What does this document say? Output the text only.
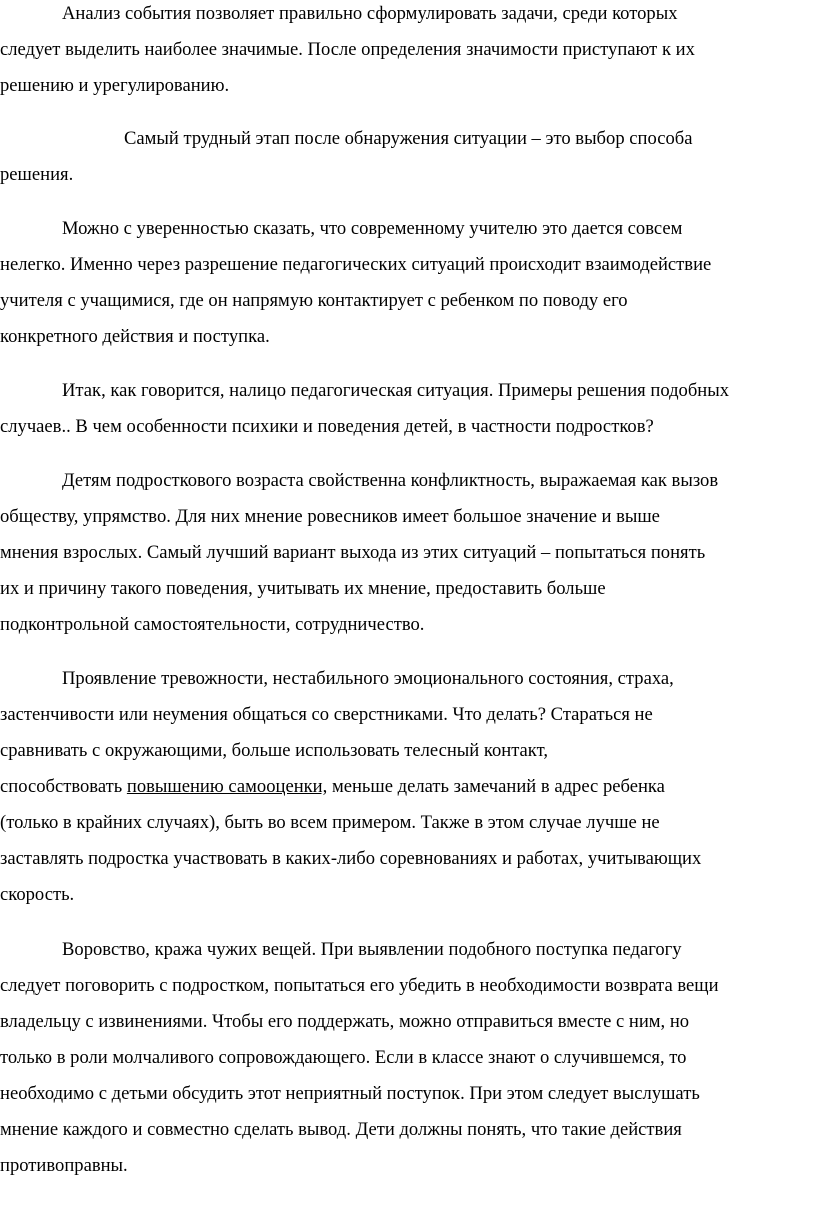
Анализ события позволяет правильно сформулировать задачи, среди которых
следует выделить наиболее значимые. После определения значимости приступают к их
решению и урегулированию.
Самый трудный этап после обнаружения ситуации – это выбор способа
решения.
Можно с уверенностью сказать, что современному учителю это дается совсем
нелегко. Именно через разрешение педагогических ситуаций происходит взаимодействие
учителя с учащимися, где он напрямую контактирует с ребенком по поводу его
конкретного действия и поступка.
Итак, как говорится, налицо педагогическая ситуация. Примеры решения подобных
случаев.. В чем особенности психики и поведения детей, в частности подростков?
Детям подросткового возраста свойственна конфликтность, выражаемая как вызов
обществу, упрямство. Для них мнение ровесников имеет большое значение и выше
мнения взрослых. Самый лучший вариант выхода из этих ситуаций – попытаться понять
их и причину такого поведения, учитывать их мнение, предоставить больше
подконтрольной самостоятельности, сотрудничество.
Проявление тревожности, нестабильного эмоционального состояния, страха,
застенчивости или неумения общаться со сверстниками. Что делать? Стараться не
сравнивать с окружающими, больше использовать телесный контакт,
способствовать повышению самооценки, меньше делать замечаний в адрес ребенка
(только в крайних случаях), быть во всем примером. Также в этом случае лучше не
заставлять подростка участвовать в каких-либо соревнованиях и работах, учитывающих
скорость.
Воровство, кража чужих вещей. При выявлении подобного поступка педагогу
следует поговорить с подростком, попытаться его убедить в необходимости возврата вещи
владельцу с извинениями. Чтобы его поддержать, можно отправиться вместе с ним, но
только в роли молчаливого сопровождающего. Если в классе знают о случившемся, то
необходимо с детьми обсудить этот неприятный поступок. При этом следует выслушать
мнение каждого и совместно сделать вывод. Дети должны понять, что такие действия
противоправны.
